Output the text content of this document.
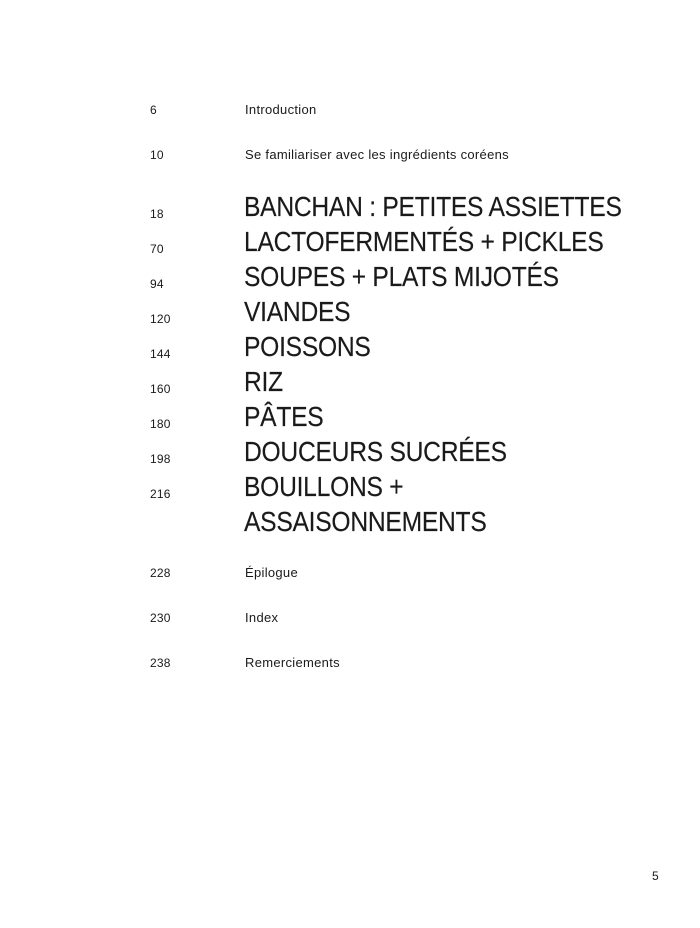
6	Introduction
10	Se familiariser avec les ingrédients coréens
18	BANCHAN : PETITES ASSIETTES
70	LACTOFERMENTÉS + PICKLES
94	SOUPES + PLATS MIJOTÉS
120	VIANDES
144	POISSONS
160	RIZ
180	PÂTES
198	DOUCEURS SUCRÉES
216	BOUILLONS +
ASSAISONNEMENTS
228	Épilogue
230	Index
238	Remerciements
5
